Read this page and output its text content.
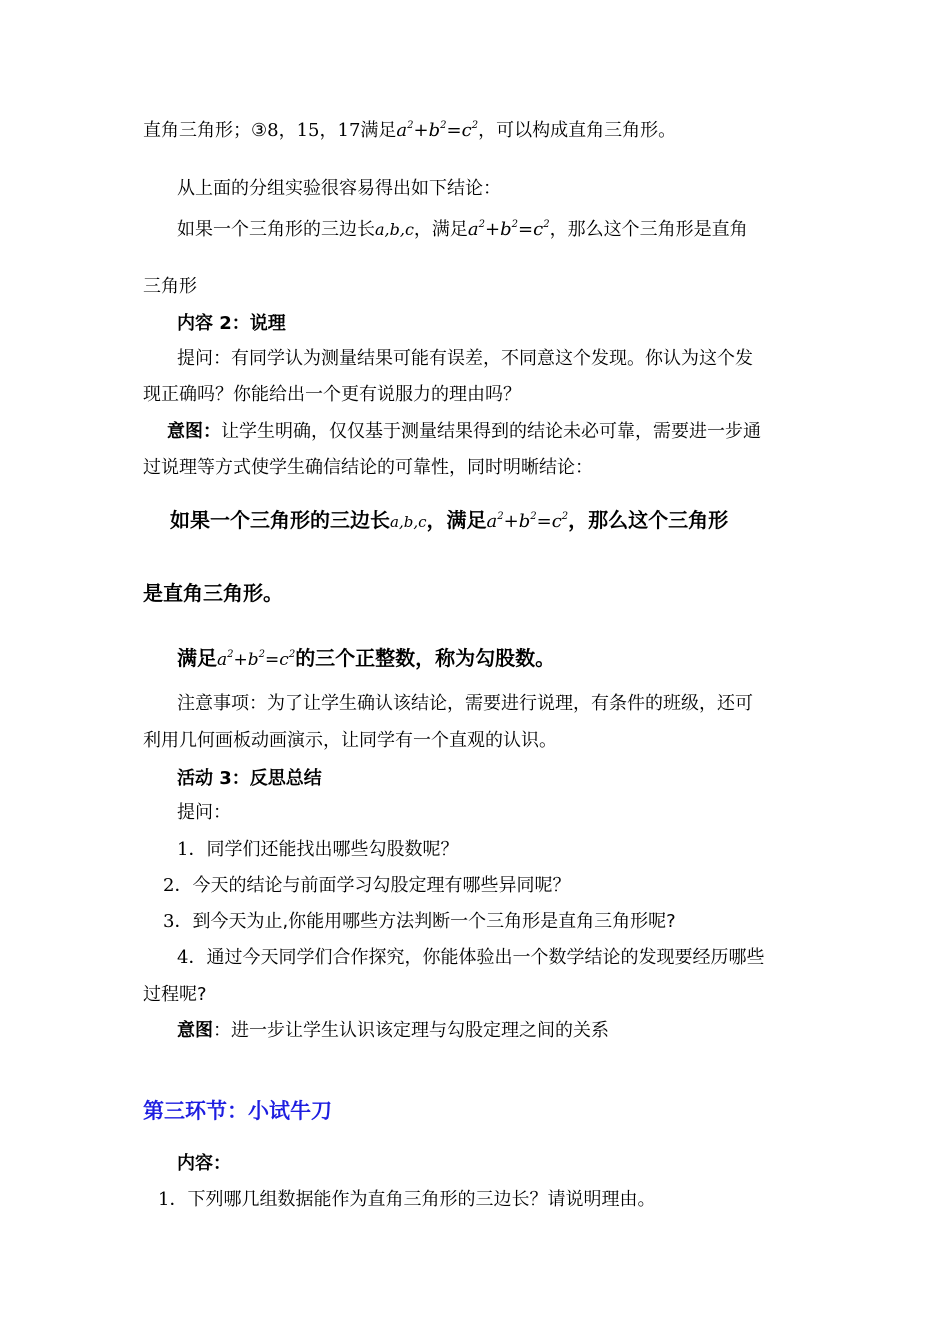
直角三角形；③8，15，17满足$a^2+b^2=c^2$，可以构成直角三角形。
从上面的分组实验很容易得出如下结论：
如果一个三角形的三边长a,b,c，满足$a^2+b^2=c^2$，那么这个三角形是直角
三角形
内容 2：说理
提问：有同学认为测量结果可能有误差，不同意这个发现。你认为这个发
现正确吗？你能给出一个更有说服力的理由吗？
意图：让学生明确，仅仅基于测量结果得到的结论未必可靠，需要进一步通
过说理等方式使学生确信结论的可靠性，同时明晰结论：
如果一个三角形的三边长a,b,c，满足$a^2+b^2=c^2$，那么这个三角形
是直角三角形。
满足$a^2+b^2=c^2$的三个正整数，称为勾股数。
注意事项：为了让学生确认该结论，需要进行说理，有条件的班级，还可
利用几何画板动画演示，让同学有一个直观的认识。
活动 3：反思总结
提问：
1．同学们还能找出哪些勾股数呢？
2．今天的结论与前面学习勾股定理有哪些异同呢？
3．到今天为止,你能用哪些方法判断一个三角形是直角三角形呢?
4．通过今天同学们合作探究，你能体验出一个数学结论的发现要经历哪些
过程呢?
意图：进一步让学生认识该定理与勾股定理之间的关系
第三环节：小试牛刀
内容：
1．下列哪几组数据能作为直角三角形的三边长？请说明理由。
